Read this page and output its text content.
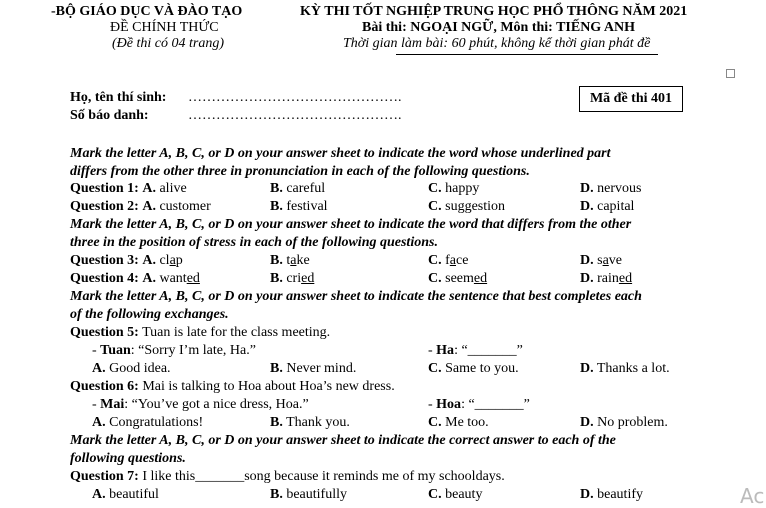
-BỘ GIÁO DỤC VÀ ĐÀO TẠO
ĐỀ CHÍNH THỨC
(Đề thi có 04 trang)
KỲ THI TỐT NGHIỆP TRUNG HỌC PHỔ THÔNG NĂM 2021
Bài thi: NGOẠI NGỮ, Môn thi: TIẾNG ANH
Thời gian làm bài: 60 phút, không kể thời gian phát đề
Họ, tên thí sinh: ……………………………………….
Số báo danh:	……………………………………….
Mã đề thi 401
Mark the letter A, B, C, or D on your answer sheet to indicate the word whose underlined part
differs from the other three in pronunciation in each of the following questions.
Question 1: A. alive	B. careful	C. happy	D. nervous
Question 2: A. customer	B. festival	C. suggestion	D. capital
Mark the letter A, B, C, or D on your answer sheet to indicate the word that differs from the other
three in the position of stress in each of the following questions.
Question 3: A. clap	B. take	C. face	D. save
Question 4: A. wanted	B. cried	C. seemed	D. rained
Mark the letter A, B, C, or D on your answer sheet to indicate the sentence that best completes each
of the following exchanges.
Question 5: Tuan is late for the class meeting.
- Tuan: “Sorry I’m late, Ha.”	- Ha: “_______”
A. Good idea.	B. Never mind.	C. Same to you.	D. Thanks a lot.
Question 6: Mai is talking to Hoa about Hoa’s new dress.
- Mai: “You’ve got a nice dress, Hoa.”	- Hoa: “_______”
A. Congratulations!	B. Thank you.	C. Me too.	D. No problem.
Mark the letter A, B, C, or D on your answer sheet to indicate the correct answer to each of the
following questions.
Question 7: I like this_______song because it reminds me of my schooldays.
A. beautiful	B. beautifully	C. beauty	D. beautify	Ac
